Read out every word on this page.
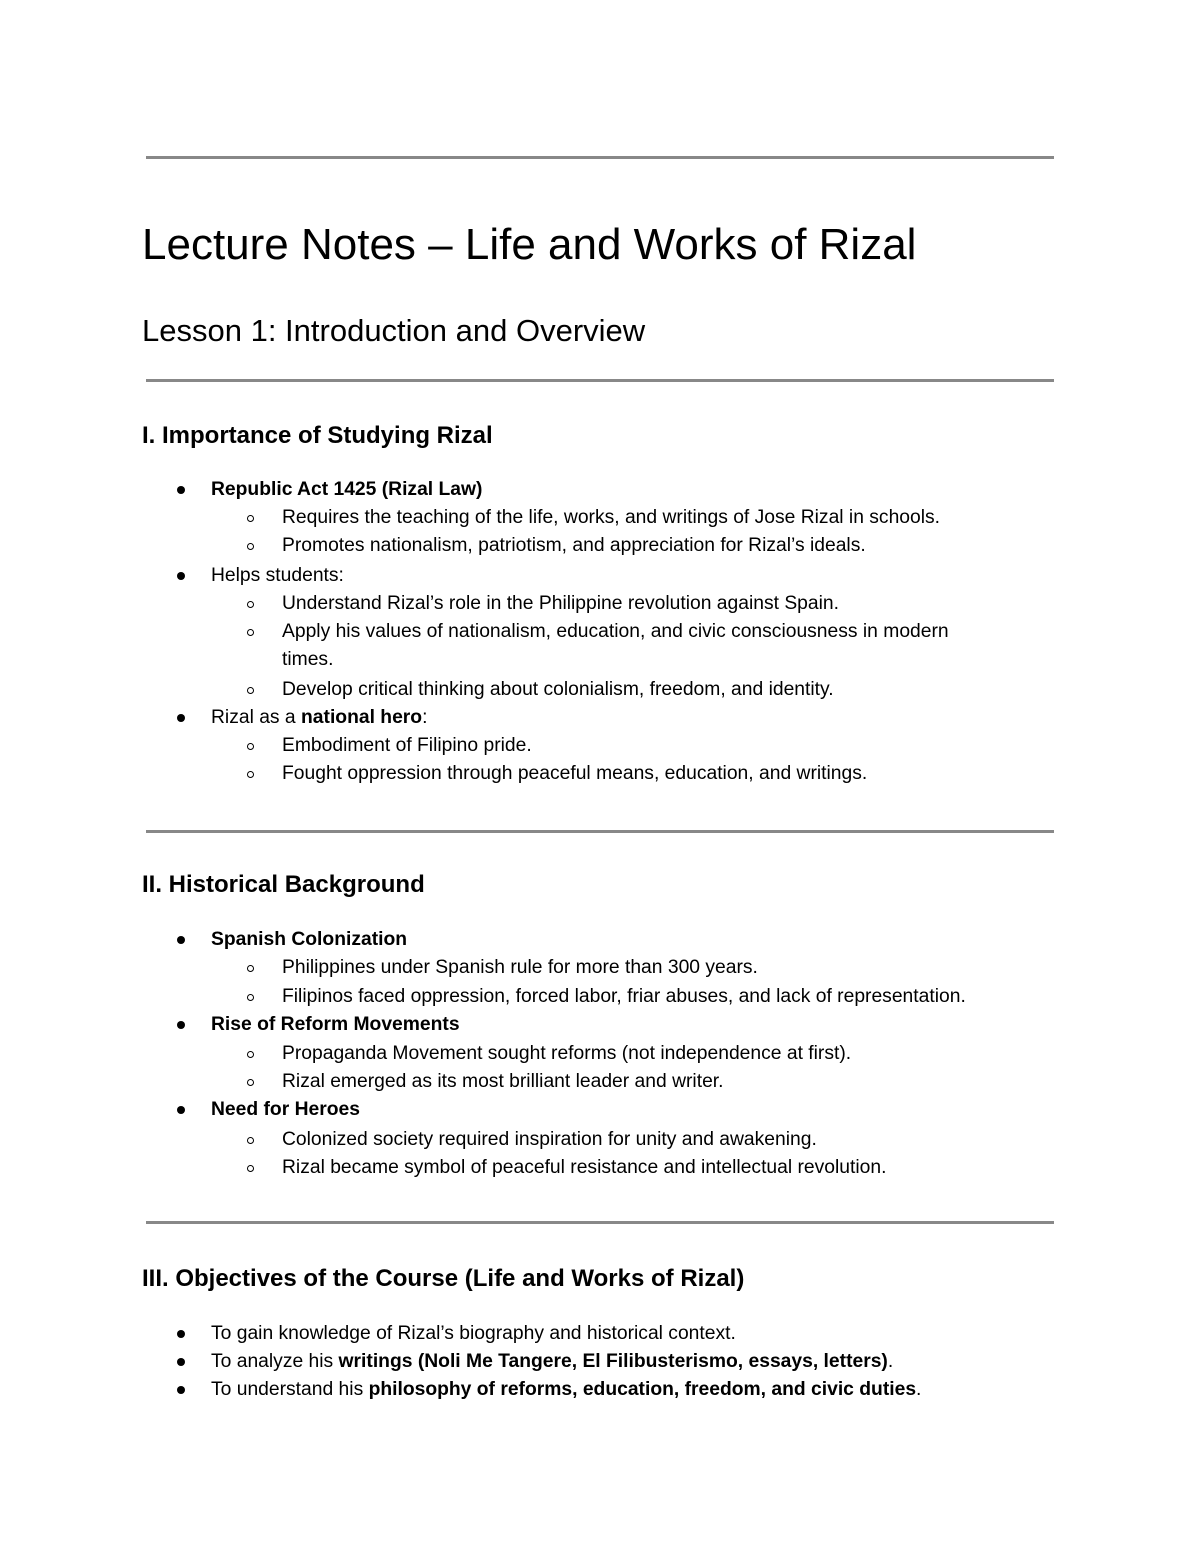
Lecture Notes – Life and Works of Rizal
Lesson 1: Introduction and Overview
I. Importance of Studying Rizal
Republic Act 1425 (Rizal Law)
Requires the teaching of the life, works, and writings of Jose Rizal in schools.
Promotes nationalism, patriotism, and appreciation for Rizal’s ideals.
Helps students:
Understand Rizal’s role in the Philippine revolution against Spain.
Apply his values of nationalism, education, and civic consciousness in modern
times.
Develop critical thinking about colonialism, freedom, and identity.
Rizal as a national hero:
Embodiment of Filipino pride.
Fought oppression through peaceful means, education, and writings.
II. Historical Background
Spanish Colonization
Philippines under Spanish rule for more than 300 years.
Filipinos faced oppression, forced labor, friar abuses, and lack of representation.
Rise of Reform Movements
Propaganda Movement sought reforms (not independence at first).
Rizal emerged as its most brilliant leader and writer.
Need for Heroes
Colonized society required inspiration for unity and awakening.
Rizal became symbol of peaceful resistance and intellectual revolution.
III. Objectives of the Course (Life and Works of Rizal)
To gain knowledge of Rizal’s biography and historical context.
To analyze his writings (Noli Me Tangere, El Filibusterismo, essays, letters).
To understand his philosophy of reforms, education, freedom, and civic duties.
